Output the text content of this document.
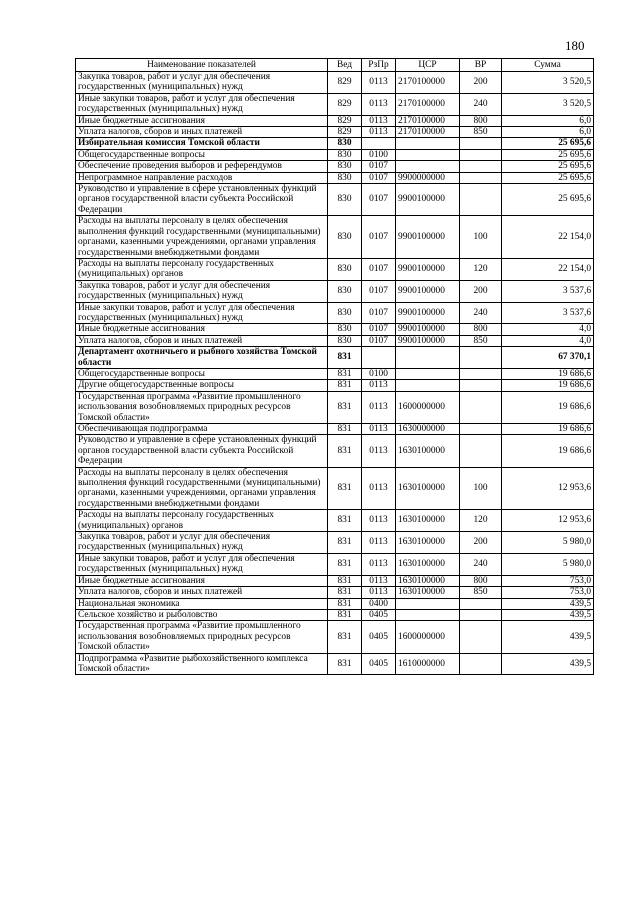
180
Наименование показателей	Вед	РзПр	ЦСР	ВР	Сумма
Закупка товаров, работ и услуг для обеспечения государственных (муниципальных) нужд	829	0113	2170100000	200	3 520,5
Иные закупки товаров, работ и услуг для обеспечения государственных (муниципальных) нужд	829	0113	2170100000	240	3 520,5
Иные бюджетные ассигнования	829	0113	2170100000	800	6,0
Уплата налогов, сборов и иных платежей	829	0113	2170100000	850	6,0
Избирательная комиссия Томской области	830				25 695,6
Общегосударственные вопросы	830	0100			25 695,6
Обеспечение проведения выборов и референдумов	830	0107			25 695,6
Непрограммное направление расходов	830	0107	9900000000		25 695,6
Руководство и управление в сфере установленных функций органов государственной власти субъекта Российской Федерации	830	0107	9900100000		25 695,6
Расходы на выплаты персоналу в целях обеспечения выполнения функций государственными (муниципальными) органами, казенными учреждениями, органами управления государственными внебюджетными фондами	830	0107	9900100000	100	22 154,0
Расходы на выплаты персоналу государственных (муниципальных) органов	830	0107	9900100000	120	22 154,0
Закупка товаров, работ и услуг для обеспечения государственных (муниципальных) нужд	830	0107	9900100000	200	3 537,6
Иные закупки товаров, работ и услуг для обеспечения государственных (муниципальных) нужд	830	0107	9900100000	240	3 537,6
Иные бюджетные ассигнования	830	0107	9900100000	800	4,0
Уплата налогов, сборов и иных платежей	830	0107	9900100000	850	4,0
Департамент охотничьего и рыбного хозяйства Томской области	831				67 370,1
Общегосударственные вопросы	831	0100			19 686,6
Другие общегосударственные вопросы	831	0113			19 686,6
Государственная программа «Развитие промышленного использования возобновляемых природных ресурсов Томской области»	831	0113	1600000000		19 686,6
Обеспечивающая подпрограмма	831	0113	1630000000		19 686,6
Руководство и управление в сфере установленных функций органов государственной власти субъекта Российской Федерации	831	0113	1630100000		19 686,6
Расходы на выплаты персоналу в целях обеспечения выполнения функций государственными (муниципальными) органами, казенными учреждениями, органами управления государственными внебюджетными фондами	831	0113	1630100000	100	12 953,6
Расходы на выплаты персоналу государственных (муниципальных) органов	831	0113	1630100000	120	12 953,6
Закупка товаров, работ и услуг для обеспечения государственных (муниципальных) нужд	831	0113	1630100000	200	5 980,0
Иные закупки товаров, работ и услуг для обеспечения государственных (муниципальных) нужд	831	0113	1630100000	240	5 980,0
Иные бюджетные ассигнования	831	0113	1630100000	800	753,0
Уплата налогов, сборов и иных платежей	831	0113	1630100000	850	753,0
Национальная экономика	831	0400			439,5
Сельское хозяйство и рыболовство	831	0405			439,5
Государственная программа «Развитие промышленного использования возобновляемых природных ресурсов Томской области»	831	0405	1600000000		439,5
Подпрограмма «Развитие рыбохозяйственного комплекса Томской области»	831	0405	1610000000		439,5
